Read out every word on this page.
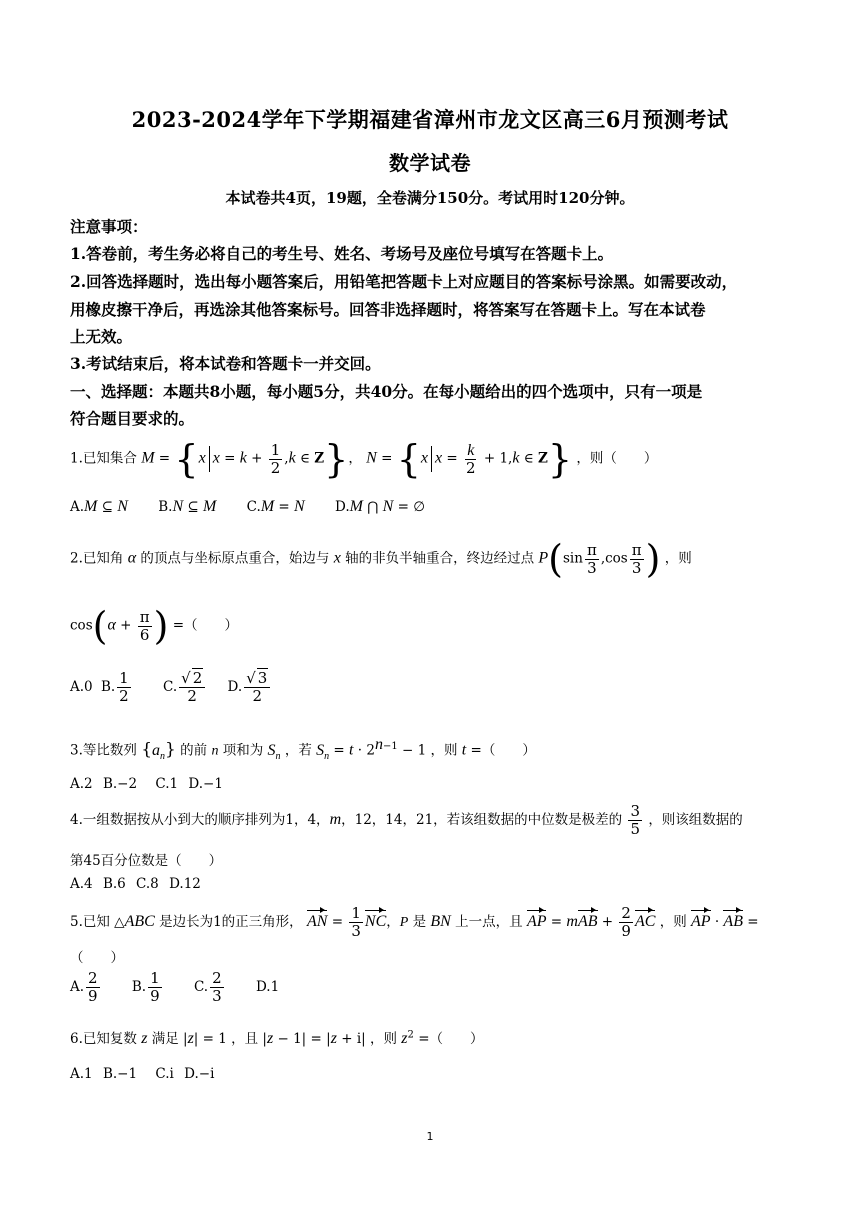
2023-2024学年下学期福建省漳州市龙文区高三6月预测考试
数学试卷
本试卷共4页，19题，全卷满分150分。考试用时120分钟。
注意事项：
1.答卷前，考生务必将自己的考生号、姓名、考场号及座位号填写在答题卡上。
2.回答选择题时，选出每小题答案后，用铅笔把答题卡上对应题目的答案标号涂黑。如需要改动，
用橡皮擦干净后，再选涂其他答案标号。回答非选择题时，将答案写在答题卡上。写在本试卷
上无效。
3.考试结束后，将本试卷和答题卡一并交回。
一、选择题：本题共8小题，每小题5分，共40分。在每小题给出的四个选项中，只有一项是
符合题目要求的。
1.已知集合 M = {x $x = k + \frac{1}{2} ,k$ ∈ Z}， N = {x $x = \frac{k}{2} + 1,k$ ∈ Z} ，则（　　）
A.M ⊆ N B.N ⊆ M C.M = N D.M ⋂ N = ∅
2.已知角 α 的顶点与坐标原点重合，始边与 x 轴的非负半轴重合，终边经过点 $P(\sin \frac{\pi}{3} ,\cos \frac{\pi}{3}$ ) ，则
$\cos(\alpha + \frac{\pi}{6}$ ) =（　　）
A.0 B. $\frac{1}{2} C$. $\frac{√ 2}{2} D$. $\frac{√ 3}{2}$
3.等比数列 $\{a_n\}$ 的前 n 项和为 $S_n$ ，若 $S_n = t \cdot 2^{n-1} - 1$ ，则 t =（　　）
A.2 B.−2 C.1 D.−1
4.一组数据按从小到大的顺序排列为1，4，m，12，14，21，若该组数据的中位数是极差的 $\frac{3}{5}$ ，则该组数据的
第45百分位数是（　　）
A.4 B.6 C.8 D.12
5.已知 △ABC 是边长为1的正三角形， AN = $\frac{1}{3}$ NC，P 是 BN 上一点，且 AP = mAB + $\frac{2}{9}$ AC ，则 AP · AB =
（　　）
A. $\frac{2}{9} B$. $\frac{1}{9} C$. $\frac{2}{3} D.1$
6.已知复数 z 满足 |z| = 1 ，且 |z − 1| = |z + i| ，则 $z^2$ =（　　）
A.1 B.−1 C.i D.−i
1
